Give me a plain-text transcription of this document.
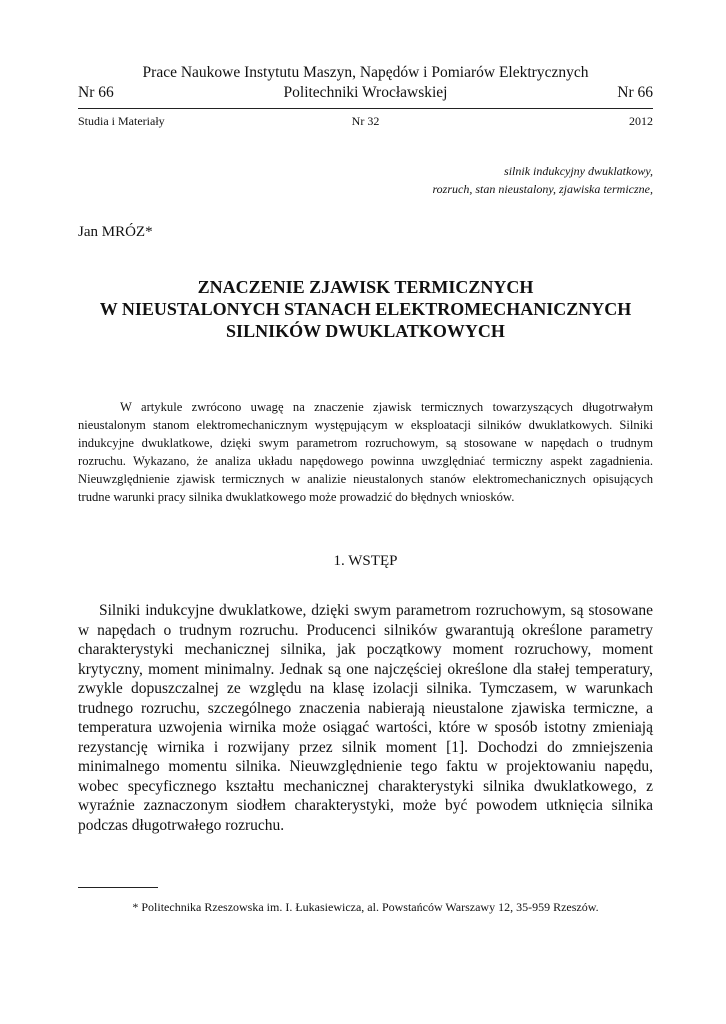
Prace Naukowe Instytutu Maszyn, Napędów i Pomiarów Elektrycznych
Nr 66	Politechniki Wrocławskiej	Nr 66
Studia i Materiały	Nr 32	2012
silnik indukcyjny dwuklatkowy,
rozruch, stan nieustalony, zjawiska termiczne,
Jan MRÓZ*
ZNACZENIE ZJAWISK TERMICZNYCH
W NIEUSTALONYCH STANACH ELEKTROMECHANICZNYCH
SILNIKÓW DWUKLATKOWYCH

W artykule zwrócono uwagę na znaczenie zjawisk termicznych towarzyszących długotrwałym nieustalonym stanom elektromechanicznym występującym w eksploatacji silników dwuklatkowych. Silniki indukcyjne dwuklatkowe, dzięki swym parametrom rozruchowym, są stosowane w napędach o trudnym rozruchu. Wykazano, że analiza układu napędowego powinna uwzględniać termiczny aspekt zagadnienia. Nieuwzględnienie zjawisk termicznych w analizie nieustalonych stanów elektromechanicznych opisujących trudne warunki pracy silnika dwuklatkowego może prowadzić do błędnych wniosków.

1. WSTĘP

Silniki indukcyjne dwuklatkowe, dzięki swym parametrom rozruchowym, są stosowane w napędach o trudnym rozruchu. Producenci silników gwarantują określone parametry charakterystyki mechanicznej silnika, jak początkowy moment rozruchowy, moment krytyczny, moment minimalny. Jednak są one najczęściej określone dla stałej temperatury, zwykle dopuszczalnej ze względu na klasę izolacji silnika. Tymczasem, w warunkach trudnego rozruchu, szczególnego znaczenia nabierają nieustalone zjawiska termiczne, a temperatura uzwojenia wirnika może osiągać wartości, które w sposób istotny zmieniają rezystancję wirnika i rozwijany przez silnik moment [1]. Dochodzi do zmniejszenia minimalnego momentu silnika. Nieuwzględnienie tego faktu w projektowaniu napędu, wobec specyficznego kształtu mechanicznej charakterystyki silnika dwuklatkowego, z wyraźnie zaznaczonym siodłem charakterystyki, może być powodem utknięcia silnika podczas długotrwałego rozruchu.

* Politechnika Rzeszowska im. I. Łukasiewicza, al. Powstańców Warszawy 12, 35-959 Rzeszów.
